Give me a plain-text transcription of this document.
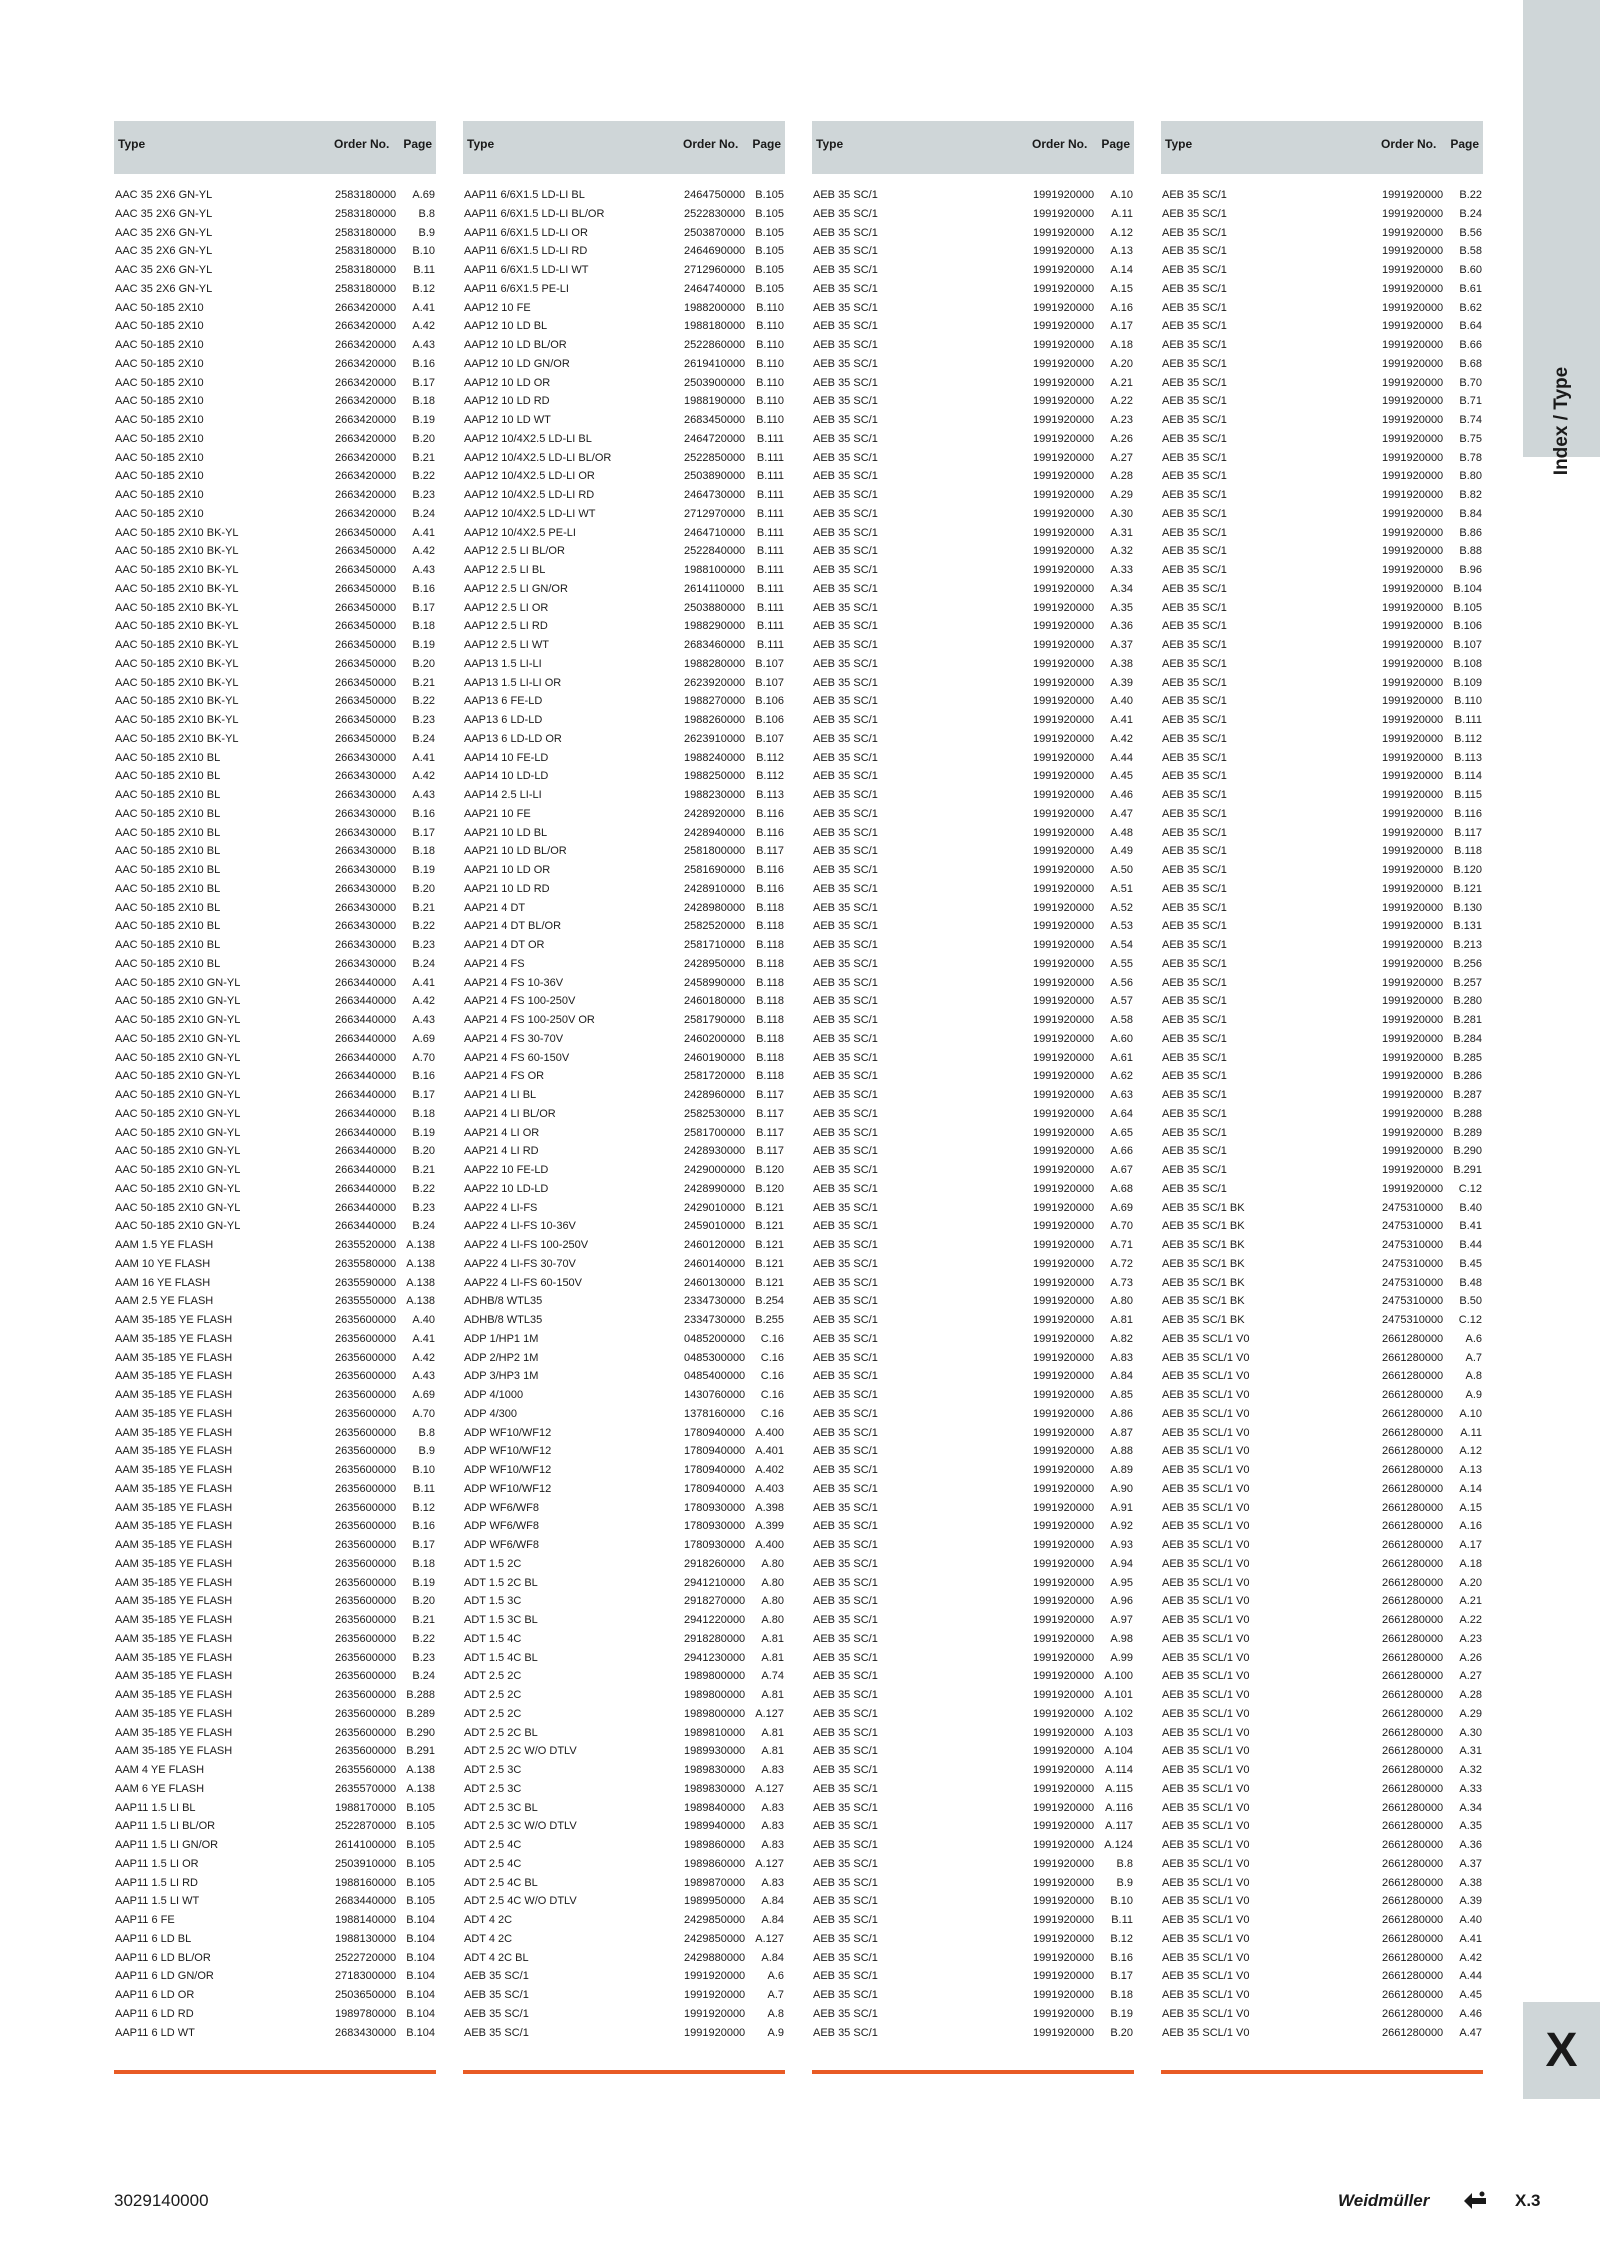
Type	Order No. Page
AAC 35 2X6 GN-YL	2583180000	A.69
AAC 35 2X6 GN-YL	2583180000	B.8
AAC 35 2X6 GN-YL	2583180000	B.9
AAC 35 2X6 GN-YL	2583180000	B.10
AAC 35 2X6 GN-YL	2583180000	B.11
AAC 35 2X6 GN-YL	2583180000	B.12
AAC 50-185 2X10	2663420000	A.41
AAC 50-185 2X10	2663420000	A.42
AAC 50-185 2X10	2663420000	A.43
AAC 50-185 2X10	2663420000	B.16
AAC 50-185 2X10	2663420000	B.17
AAC 50-185 2X10	2663420000	B.18
AAC 50-185 2X10	2663420000	B.19
AAC 50-185 2X10	2663420000	B.20
AAC 50-185 2X10	2663420000	B.21
AAC 50-185 2X10	2663420000	B.22
AAC 50-185 2X10	2663420000	B.23
AAC 50-185 2X10	2663420000	B.24
AAC 50-185 2X10 BK-YL	2663450000	A.41
AAC 50-185 2X10 BK-YL	2663450000	A.42
AAC 50-185 2X10 BK-YL	2663450000	A.43
AAC 50-185 2X10 BK-YL	2663450000	B.16
AAC 50-185 2X10 BK-YL	2663450000	B.17
AAC 50-185 2X10 BK-YL	2663450000	B.18
AAC 50-185 2X10 BK-YL	2663450000	B.19
AAC 50-185 2X10 BK-YL	2663450000	B.20
AAC 50-185 2X10 BK-YL	2663450000	B.21
AAC 50-185 2X10 BK-YL	2663450000	B.22
AAC 50-185 2X10 BK-YL	2663450000	B.23
AAC 50-185 2X10 BK-YL	2663450000	B.24
AAC 50-185 2X10 BL	2663430000	A.41
AAC 50-185 2X10 BL	2663430000	A.42
AAC 50-185 2X10 BL	2663430000	A.43
AAC 50-185 2X10 BL	2663430000	B.16
AAC 50-185 2X10 BL	2663430000	B.17
AAC 50-185 2X10 BL	2663430000	B.18
AAC 50-185 2X10 BL	2663430000	B.19
AAC 50-185 2X10 BL	2663430000	B.20
AAC 50-185 2X10 BL	2663430000	B.21
AAC 50-185 2X10 BL	2663430000	B.22
AAC 50-185 2X10 BL	2663430000	B.23
AAC 50-185 2X10 BL	2663430000	B.24
AAC 50-185 2X10 GN-YL	2663440000	A.41
AAC 50-185 2X10 GN-YL	2663440000	A.42
AAC 50-185 2X10 GN-YL	2663440000	A.43
AAC 50-185 2X10 GN-YL	2663440000	A.69
AAC 50-185 2X10 GN-YL	2663440000	A.70
AAC 50-185 2X10 GN-YL	2663440000	B.16
AAC 50-185 2X10 GN-YL	2663440000	B.17
AAC 50-185 2X10 GN-YL	2663440000	B.18
AAC 50-185 2X10 GN-YL	2663440000	B.19
AAC 50-185 2X10 GN-YL	2663440000	B.20
AAC 50-185 2X10 GN-YL	2663440000	B.21
AAC 50-185 2X10 GN-YL	2663440000	B.22
AAC 50-185 2X10 GN-YL	2663440000	B.23
AAC 50-185 2X10 GN-YL	2663440000	B.24
AAM 1.5 YE FLASH	2635520000 A.138
AAM 10 YE FLASH	2635580000 A.138
AAM 16 YE FLASH	2635590000 A.138
AAM 2.5 YE FLASH	2635550000 A.138
AAM 35-185 YE FLASH	2635600000	A.40
AAM 35-185 YE FLASH	2635600000	A.41
AAM 35-185 YE FLASH	2635600000	A.42
AAM 35-185 YE FLASH	2635600000	A.43
AAM 35-185 YE FLASH	2635600000	A.69
AAM 35-185 YE FLASH	2635600000	A.70
AAM 35-185 YE FLASH	2635600000	B.8
AAM 35-185 YE FLASH	2635600000	B.9
AAM 35-185 YE FLASH	2635600000	B.10
AAM 35-185 YE FLASH	2635600000	B.11
AAM 35-185 YE FLASH	2635600000	B.12
AAM 35-185 YE FLASH	2635600000	B.16
AAM 35-185 YE FLASH	2635600000	B.17
AAM 35-185 YE FLASH	2635600000	B.18
AAM 35-185 YE FLASH	2635600000	B.19
AAM 35-185 YE FLASH	2635600000	B.20
AAM 35-185 YE FLASH	2635600000	B.21
AAM 35-185 YE FLASH	2635600000	B.22
AAM 35-185 YE FLASH	2635600000	B.23
AAM 35-185 YE FLASH	2635600000	B.24
AAM 35-185 YE FLASH	2635600000 B.288
AAM 35-185 YE FLASH	2635600000 B.289
AAM 35-185 YE FLASH	2635600000 B.290
AAM 35-185 YE FLASH	2635600000 B.291
AAM 4 YE FLASH	2635560000 A.138
AAM 6 YE FLASH	2635570000 A.138
AAP11 1.5 LI BL	1988170000 B.105
AAP11 1.5 LI BL/OR	2522870000 B.105
AAP11 1.5 LI GN/OR	2614100000 B.105
AAP11 1.5 LI OR	2503910000 B.105
AAP11 1.5 LI RD	1988160000 B.105
AAP11 1.5 LI WT	2683440000 B.105
AAP11 6 FE	1988140000 B.104
AAP11 6 LD BL	1988130000 B.104
AAP11 6 LD BL/OR	2522720000 B.104
AAP11 6 LD GN/OR	2718300000 B.104
AAP11 6 LD OR	2503650000 B.104
AAP11 6 LD RD	1989780000 B.104
AAP11 6 LD WT	2683430000 B.104
Type	Order No. Page
AAP11 6/6X1.5 LD-LI BL	2464750000 B.105
AAP11 6/6X1.5 LD-LI BL/OR	2522830000 B.105
AAP11 6/6X1.5 LD-LI OR	2503870000 B.105
AAP11 6/6X1.5 LD-LI RD	2464690000 B.105
AAP11 6/6X1.5 LD-LI WT	2712960000 B.105
AAP11 6/6X1.5 PE-LI	2464740000 B.105
AAP12 10 FE	1988200000 B.110
AAP12 10 LD BL	1988180000 B.110
AAP12 10 LD BL/OR	2522860000 B.110
AAP12 10 LD GN/OR	2619410000 B.110
AAP12 10 LD OR	2503900000 B.110
AAP12 10 LD RD	1988190000 B.110
AAP12 10 LD WT	2683450000 B.110
AAP12 10/4X2.5 LD-LI BL	2464720000	B.111
AAP12 10/4X2.5 LD-LI BL/OR	2522850000	B.111
AAP12 10/4X2.5 LD-LI OR	2503890000	B.111
AAP12 10/4X2.5 LD-LI RD	2464730000	B.111
AAP12 10/4X2.5 LD-LI WT	2712970000	B.111
AAP12 10/4X2.5 PE-LI	2464710000	B.111
AAP12 2.5 LI BL/OR	2522840000	B.111
AAP12 2.5 LI BL	1988100000	B.111
AAP12 2.5 LI GN/OR	2614110000	B.111
AAP12 2.5 LI OR	2503880000	B.111
AAP12 2.5 LI RD	1988290000	B.111
AAP12 2.5 LI WT	2683460000	B.111
AAP13 1.5 LI-LI	1988280000 B.107
AAP13 1.5 LI-LI OR	2623920000 B.107
AAP13 6 FE-LD	1988270000 B.106
AAP13 6 LD-LD	1988260000 B.106
AAP13 6 LD-LD OR	2623910000 B.107
AAP14 10 FE-LD	1988240000 B.112
AAP14 10 LD-LD	1988250000 B.112
AAP14 2.5 LI-LI	1988230000 B.113
AAP21 10 FE	2428920000 B.116
AAP21 10 LD BL	2428940000 B.116
AAP21 10 LD BL/OR	2581800000 B.117
AAP21 10 LD OR	2581690000 B.116
AAP21 10 LD RD	2428910000 B.116
AAP21 4 DT	2428980000 B.118
AAP21 4 DT BL/OR	2582520000 B.118
AAP21 4 DT OR	2581710000 B.118
AAP21 4 FS	2428950000 B.118
AAP21 4 FS 10-36V	2458990000 B.118
AAP21 4 FS 100-250V	2460180000 B.118
AAP21 4 FS 100-250V OR	2581790000 B.118
AAP21 4 FS 30-70V	2460200000 B.118
AAP21 4 FS 60-150V	2460190000 B.118
AAP21 4 FS OR	2581720000 B.118
AAP21 4 LI BL	2428960000 B.117
AAP21 4 LI BL/OR	2582530000 B.117
AAP21 4 LI OR	2581700000 B.117
AAP21 4 LI RD	2428930000 B.117
AAP22 10 FE-LD	2429000000 B.120
AAP22 10 LD-LD	2428990000 B.120
AAP22 4 LI-FS	2429010000 B.121
AAP22 4 LI-FS 10-36V	2459010000 B.121
AAP22 4 LI-FS 100-250V	2460120000 B.121
AAP22 4 LI-FS 30-70V	2460140000 B.121
AAP22 4 LI-FS 60-150V	2460130000 B.121
ADHB/8 WTL35	2334730000 B.254
ADHB/8 WTL35	2334730000 B.255
ADP 1/HP1 1M	0485200000	C.16
ADP 2/HP2 1M	0485300000	C.16
ADP 3/HP3 1M	0485400000	C.16
ADP 4/1000	1430760000	C.16
ADP 4/300	1378160000	C.16
ADP WF10/WF12	1780940000 A.400
ADP WF10/WF12	1780940000 A.401
ADP WF10/WF12	1780940000 A.402
ADP WF10/WF12	1780940000 A.403
ADP WF6/WF8	1780930000 A.398
ADP WF6/WF8	1780930000 A.399
ADP WF6/WF8	1780930000 A.400
ADT 1.5 2C	2918260000	A.80
ADT 1.5 2C BL	2941210000	A.80
ADT 1.5 3C	2918270000	A.80
ADT 1.5 3C BL	2941220000	A.80
ADT 1.5 4C	2918280000	A.81
ADT 1.5 4C BL	2941230000	A.81
ADT 2.5 2C	1989800000	A.74
ADT 2.5 2C	1989800000	A.81
ADT 2.5 2C	1989800000 A.127
ADT 2.5 2C BL	1989810000	A.81
ADT 2.5 2C W/O DTLV	1989930000	A.81
ADT 2.5 3C	1989830000	A.83
ADT 2.5 3C	1989830000 A.127
ADT 2.5 3C BL	1989840000	A.83
ADT 2.5 3C W/O DTLV	1989940000	A.83
ADT 2.5 4C	1989860000	A.83
ADT 2.5 4C	1989860000 A.127
ADT 2.5 4C BL	1989870000	A.83
ADT 2.5 4C W/O DTLV	1989950000	A.84
ADT 4 2C	2429850000	A.84
ADT 4 2C	2429850000 A.127
ADT 4 2C BL	2429880000	A.84
AEB 35 SC/1	1991920000	A.6
AEB 35 SC/1	1991920000	A.7
AEB 35 SC/1	1991920000	A.8
AEB 35 SC/1	1991920000	A.9
Type	Order No. Page
AEB 35 SC/1	1991920000	A.10
AEB 35 SC/1	1991920000	A.11
AEB 35 SC/1	1991920000	A.12
AEB 35 SC/1	1991920000	A.13
AEB 35 SC/1	1991920000	A.14
AEB 35 SC/1	1991920000	A.15
AEB 35 SC/1	1991920000	A.16
AEB 35 SC/1	1991920000	A.17
AEB 35 SC/1	1991920000	A.18
AEB 35 SC/1	1991920000	A.20
AEB 35 SC/1	1991920000	A.21
AEB 35 SC/1	1991920000	A.22
AEB 35 SC/1	1991920000	A.23
AEB 35 SC/1	1991920000	A.26
AEB 35 SC/1	1991920000	A.27
AEB 35 SC/1	1991920000	A.28
AEB 35 SC/1	1991920000	A.29
AEB 35 SC/1	1991920000	A.30
AEB 35 SC/1	1991920000	A.31
AEB 35 SC/1	1991920000	A.32
AEB 35 SC/1	1991920000	A.33
AEB 35 SC/1	1991920000	A.34
AEB 35 SC/1	1991920000	A.35
AEB 35 SC/1	1991920000	A.36
AEB 35 SC/1	1991920000	A.37
AEB 35 SC/1	1991920000	A.38
AEB 35 SC/1	1991920000	A.39
AEB 35 SC/1	1991920000	A.40
AEB 35 SC/1	1991920000	A.41
AEB 35 SC/1	1991920000	A.42
AEB 35 SC/1	1991920000	A.44
AEB 35 SC/1	1991920000	A.45
AEB 35 SC/1	1991920000	A.46
AEB 35 SC/1	1991920000	A.47
AEB 35 SC/1	1991920000	A.48
AEB 35 SC/1	1991920000	A.49
AEB 35 SC/1	1991920000	A.50
AEB 35 SC/1	1991920000	A.51
AEB 35 SC/1	1991920000	A.52
AEB 35 SC/1	1991920000	A.53
AEB 35 SC/1	1991920000	A.54
AEB 35 SC/1	1991920000	A.55
AEB 35 SC/1	1991920000	A.56
AEB 35 SC/1	1991920000	A.57
AEB 35 SC/1	1991920000	A.58
AEB 35 SC/1	1991920000	A.60
AEB 35 SC/1	1991920000	A.61
AEB 35 SC/1	1991920000	A.62
AEB 35 SC/1	1991920000	A.63
AEB 35 SC/1	1991920000	A.64
AEB 35 SC/1	1991920000	A.65
AEB 35 SC/1	1991920000	A.66
AEB 35 SC/1	1991920000	A.67
AEB 35 SC/1	1991920000	A.68
AEB 35 SC/1	1991920000	A.69
AEB 35 SC/1	1991920000	A.70
AEB 35 SC/1	1991920000	A.71
AEB 35 SC/1	1991920000	A.72
AEB 35 SC/1	1991920000	A.73
AEB 35 SC/1	1991920000	A.80
AEB 35 SC/1	1991920000	A.81
AEB 35 SC/1	1991920000	A.82
AEB 35 SC/1	1991920000	A.83
AEB 35 SC/1	1991920000	A.84
AEB 35 SC/1	1991920000	A.85
AEB 35 SC/1	1991920000	A.86
AEB 35 SC/1	1991920000	A.87
AEB 35 SC/1	1991920000	A.88
AEB 35 SC/1	1991920000	A.89
AEB 35 SC/1	1991920000	A.90
AEB 35 SC/1	1991920000	A.91
AEB 35 SC/1	1991920000	A.92
AEB 35 SC/1	1991920000	A.93
AEB 35 SC/1	1991920000	A.94
AEB 35 SC/1	1991920000	A.95
AEB 35 SC/1	1991920000	A.96
AEB 35 SC/1	1991920000	A.97
AEB 35 SC/1	1991920000	A.98
AEB 35 SC/1	1991920000	A.99
AEB 35 SC/1	1991920000 A.100
AEB 35 SC/1	1991920000 A.101
AEB 35 SC/1	1991920000 A.102
AEB 35 SC/1	1991920000 A.103
AEB 35 SC/1	1991920000 A.104
AEB 35 SC/1	1991920000 A.114
AEB 35 SC/1	1991920000 A.115
AEB 35 SC/1	1991920000 A.116
AEB 35 SC/1	1991920000 A.117
AEB 35 SC/1	1991920000 A.124
AEB 35 SC/1	1991920000	B.8
AEB 35 SC/1	1991920000	B.9
AEB 35 SC/1	1991920000	B.10
AEB 35 SC/1	1991920000	B.11
AEB 35 SC/1	1991920000	B.12
AEB 35 SC/1	1991920000	B.16
AEB 35 SC/1	1991920000	B.17
AEB 35 SC/1	1991920000	B.18
AEB 35 SC/1	1991920000	B.19
AEB 35 SC/1	1991920000	B.20
Type	Order No. Page
AEB 35 SC/1	1991920000	B.22
AEB 35 SC/1	1991920000	B.24
AEB 35 SC/1	1991920000	B.56
AEB 35 SC/1	1991920000	B.58
AEB 35 SC/1	1991920000	B.60
AEB 35 SC/1	1991920000	B.61
AEB 35 SC/1	1991920000	B.62
AEB 35 SC/1	1991920000	B.64
AEB 35 SC/1	1991920000	B.66
AEB 35 SC/1	1991920000	B.68
AEB 35 SC/1	1991920000	B.70
AEB 35 SC/1	1991920000	B.71
AEB 35 SC/1	1991920000	B.74
AEB 35 SC/1	1991920000	B.75
AEB 35 SC/1	1991920000	B.78
AEB 35 SC/1	1991920000	B.80
AEB 35 SC/1	1991920000	B.82
AEB 35 SC/1	1991920000	B.84
AEB 35 SC/1	1991920000	B.86
AEB 35 SC/1	1991920000	B.88
AEB 35 SC/1	1991920000	B.96
AEB 35 SC/1	1991920000 B.104
AEB 35 SC/1	1991920000 B.105
AEB 35 SC/1	1991920000 B.106
AEB 35 SC/1	1991920000 B.107
AEB 35 SC/1	1991920000 B.108
AEB 35 SC/1	1991920000 B.109
AEB 35 SC/1	1991920000 B.110
AEB 35 SC/1	1991920000	B.111
AEB 35 SC/1	1991920000 B.112
AEB 35 SC/1	1991920000 B.113
AEB 35 SC/1	1991920000 B.114
AEB 35 SC/1	1991920000 B.115
AEB 35 SC/1	1991920000 B.116
AEB 35 SC/1	1991920000 B.117
AEB 35 SC/1	1991920000 B.118
AEB 35 SC/1	1991920000 B.120
AEB 35 SC/1	1991920000 B.121
AEB 35 SC/1	1991920000 B.130
AEB 35 SC/1	1991920000 B.131
AEB 35 SC/1	1991920000 B.213
AEB 35 SC/1	1991920000 B.256
AEB 35 SC/1	1991920000 B.257
AEB 35 SC/1	1991920000 B.280
AEB 35 SC/1	1991920000 B.281
AEB 35 SC/1	1991920000 B.284
AEB 35 SC/1	1991920000 B.285
AEB 35 SC/1	1991920000 B.286
AEB 35 SC/1	1991920000 B.287
AEB 35 SC/1	1991920000 B.288
AEB 35 SC/1	1991920000 B.289
AEB 35 SC/1	1991920000 B.290
AEB 35 SC/1	1991920000 B.291
AEB 35 SC/1	1991920000	C.12
AEB 35 SC/1 BK	2475310000	B.40
AEB 35 SC/1 BK	2475310000	B.41
AEB 35 SC/1 BK	2475310000	B.44
AEB 35 SC/1 BK	2475310000	B.45
AEB 35 SC/1 BK	2475310000	B.48
AEB 35 SC/1 BK	2475310000	B.50
AEB 35 SC/1 BK	2475310000	C.12
AEB 35 SCL/1 V0	2661280000	A.6
AEB 35 SCL/1 V0	2661280000	A.7
AEB 35 SCL/1 V0	2661280000	A.8
AEB 35 SCL/1 V0	2661280000	A.9
AEB 35 SCL/1 V0	2661280000	A.10
AEB 35 SCL/1 V0	2661280000	A.11
AEB 35 SCL/1 V0	2661280000	A.12
AEB 35 SCL/1 V0	2661280000	A.13
AEB 35 SCL/1 V0	2661280000	A.14
AEB 35 SCL/1 V0	2661280000	A.15
AEB 35 SCL/1 V0	2661280000	A.16
AEB 35 SCL/1 V0	2661280000	A.17
AEB 35 SCL/1 V0	2661280000	A.18
AEB 35 SCL/1 V0	2661280000	A.20
AEB 35 SCL/1 V0	2661280000	A.21
AEB 35 SCL/1 V0	2661280000	A.22
AEB 35 SCL/1 V0	2661280000	A.23
AEB 35 SCL/1 V0	2661280000	A.26
AEB 35 SCL/1 V0	2661280000	A.27
AEB 35 SCL/1 V0	2661280000	A.28
AEB 35 SCL/1 V0	2661280000	A.29
AEB 35 SCL/1 V0	2661280000	A.30
AEB 35 SCL/1 V0	2661280000	A.31
AEB 35 SCL/1 V0	2661280000	A.32
AEB 35 SCL/1 V0	2661280000	A.33
AEB 35 SCL/1 V0	2661280000	A.34
AEB 35 SCL/1 V0	2661280000	A.35
AEB 35 SCL/1 V0	2661280000	A.36
AEB 35 SCL/1 V0	2661280000	A.37
AEB 35 SCL/1 V0	2661280000	A.38
AEB 35 SCL/1 V0	2661280000	A.39
AEB 35 SCL/1 V0	2661280000	A.40
AEB 35 SCL/1 V0	2661280000	A.41
AEB 35 SCL/1 V0	2661280000	A.42
AEB 35 SCL/1 V0	2661280000	A.44
AEB 35 SCL/1 V0	2661280000	A.45
AEB 35 SCL/1 V0	2661280000	A.46
AEB 35 SCL/1 V0	2661280000	A.47
Index / Type
X
3029140000	Weidmüller	X.3
